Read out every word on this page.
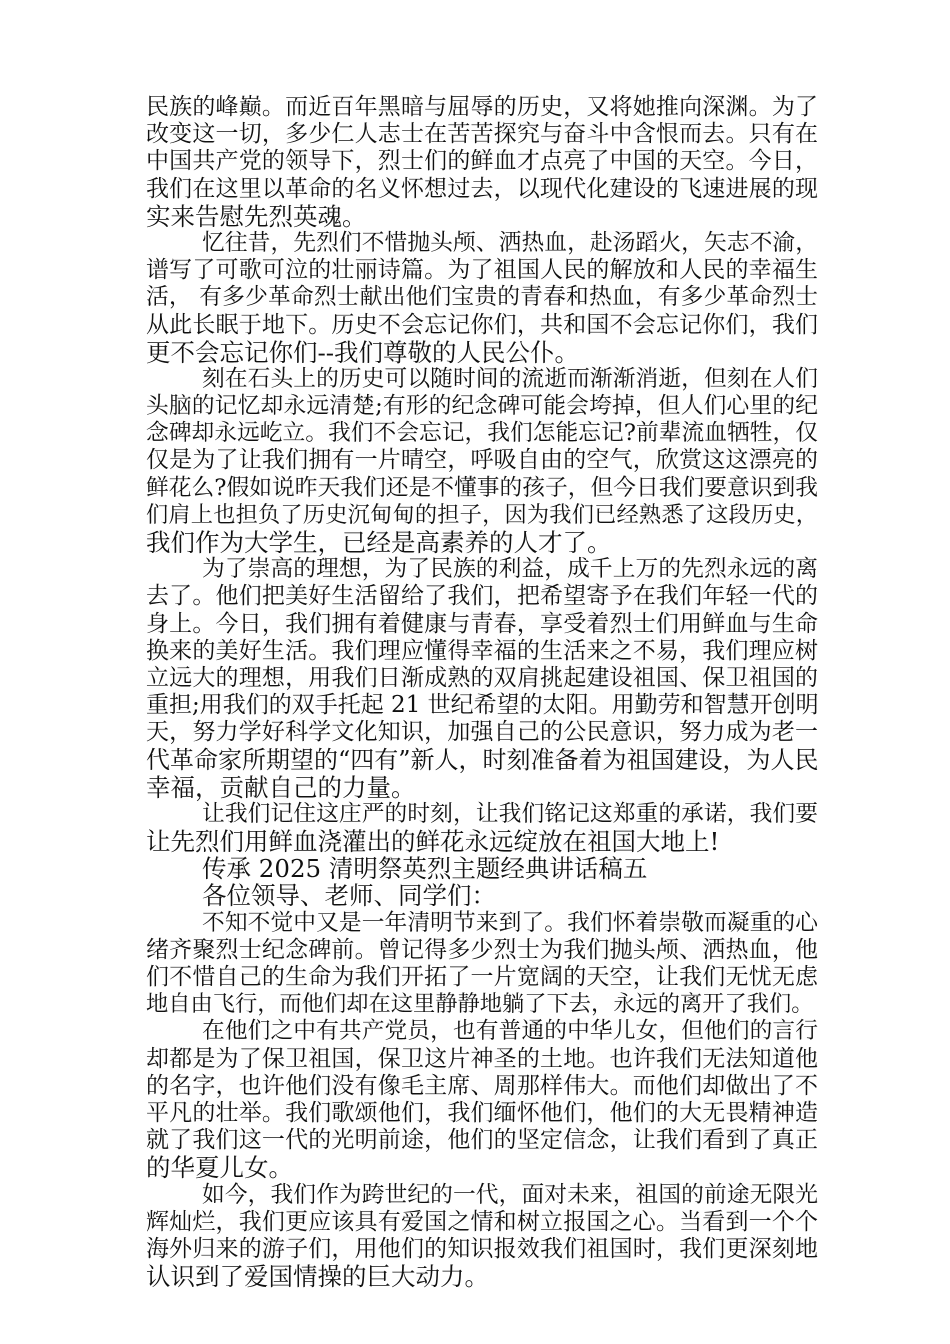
民族的峰巅。而近百年黑暗与屈辱的历史，又将她推向深渊。为了
改变这一切，多少仁人志士在苦苦探究与奋斗中含恨而去。只有在
中国共产党的领导下，烈士们的鲜血才点亮了中国的天空。今日，
我们在这里以革命的名义怀想过去，以现代化建设的飞速进展的现
实来告慰先烈英魂。
忆往昔，先烈们不惜抛头颅、洒热血，赴汤蹈火，矢志不渝，
谱写了可歌可泣的壮丽诗篇。为了祖国人民的解放和人民的幸福生
活， 有多少革命烈士献出他们宝贵的青春和热血，有多少革命烈士
从此长眠于地下。历史不会忘记你们，共和国不会忘记你们，我们
更不会忘记你们--我们尊敬的人民公仆。
刻在石头上的历史可以随时间的流逝而渐渐消逝，但刻在人们
头脑的记忆却永远清楚;有形的纪念碑可能会垮掉，但人们心里的纪
念碑却永远屹立。我们不会忘记，我们怎能忘记?前辈流血牺牲，仅
仅是为了让我们拥有一片晴空，呼吸自由的空气，欣赏这这漂亮的
鲜花么?假如说昨天我们还是不懂事的孩子，但今日我们要意识到我
们肩上也担负了历史沉甸甸的担子，因为我们已经熟悉了这段历史，
我们作为大学生，已经是高素养的人才了。
为了崇高的理想，为了民族的利益，成千上万的先烈永远的离
去了。他们把美好生活留给了我们，把希望寄予在我们年轻一代的
身上。今日，我们拥有着健康与青春，享受着烈士们用鲜血与生命
换来的美好生活。我们理应懂得幸福的生活来之不易，我们理应树
立远大的理想，用我们日渐成熟的双肩挑起建设祖国、保卫祖国的
重担;用我们的双手托起 21 世纪希望的太阳。用勤劳和智慧开创明
天，努力学好科学文化知识，加强自己的公民意识，努力成为老一
代革命家所期望的“四有”新人，时刻准备着为祖国建设，为人民
幸福，贡献自己的力量。
让我们记住这庄严的时刻，让我们铭记这郑重的承诺，我们要
让先烈们用鲜血浇灌出的鲜花永远绽放在祖国大地上!
传承 2025 清明祭英烈主题经典讲话稿五
各位领导、老师、同学们：
不知不觉中又是一年清明节来到了。我们怀着崇敬而凝重的心
绪齐聚烈士纪念碑前。曾记得多少烈士为我们抛头颅、洒热血，他
们不惜自己的生命为我们开拓了一片宽阔的天空，让我们无忧无虑
地自由飞行，而他们却在这里静静地躺了下去，永远的离开了我们。
在他们之中有共产党员，也有普通的中华儿女，但他们的言行
却都是为了保卫祖国，保卫这片神圣的土地。也许我们无法知道他
的名字，也许他们没有像毛主席、周那样伟大。而他们却做出了不
平凡的壮举。我们歌颂他们，我们缅怀他们，他们的大无畏精神造
就了我们这一代的光明前途，他们的坚定信念，让我们看到了真正
的华夏儿女。
如今，我们作为跨世纪的一代，面对未来，祖国的前途无限光
辉灿烂，我们更应该具有爱国之情和树立报国之心。当看到一个个
海外归来的游子们，用他们的知识报效我们祖国时，我们更深刻地
认识到了爱国情操的巨大动力。
